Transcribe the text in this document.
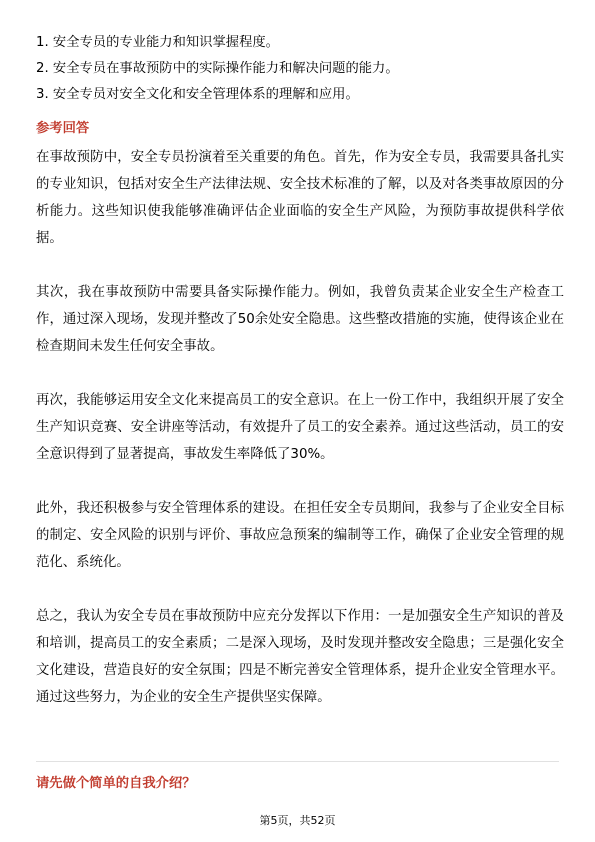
1. 安全专员的专业能力和知识掌握程度。
2. 安全专员在事故预防中的实际操作能力和解决问题的能力。
3. 安全专员对安全文化和安全管理体系的理解和应用。
参考回答

在事故预防中，安全专员扮演着至关重要的角色。首先，作为安全专员，我需要具备扎实的专业知识，包括对安全生产法律法规、安全技术标准的了解，以及对各类事故原因的分析能力。这些知识使我能够准确评估企业面临的安全生产风险，为预防事故提供科学依据。

其次，我在事故预防中需要具备实际操作能力。例如，我曾负责某企业安全生产检查工作，通过深入现场，发现并整改了50余处安全隐患。这些整改措施的实施，使得该企业在检查期间未发生任何安全事故。

再次，我能够运用安全文化来提高员工的安全意识。在上一份工作中，我组织开展了安全生产知识竞赛、安全讲座等活动，有效提升了员工的安全素养。通过这些活动，员工的安全意识得到了显著提高，事故发生率降低了30%。

此外，我还积极参与安全管理体系的建设。在担任安全专员期间，我参与了企业安全目标的制定、安全风险的识别与评价、事故应急预案的编制等工作，确保了企业安全管理的规范化、系统化。

总之，我认为安全专员在事故预防中应充分发挥以下作用：一是加强安全生产知识的普及和培训，提高员工的安全素质；二是深入现场，及时发现并整改安全隐患；三是强化安全文化建设，营造良好的安全氛围；四是不断完善安全管理体系，提升企业安全管理水平。通过这些努力，为企业的安全生产提供坚实保障。

请先做个简单的自我介绍？
第5页，共52页
